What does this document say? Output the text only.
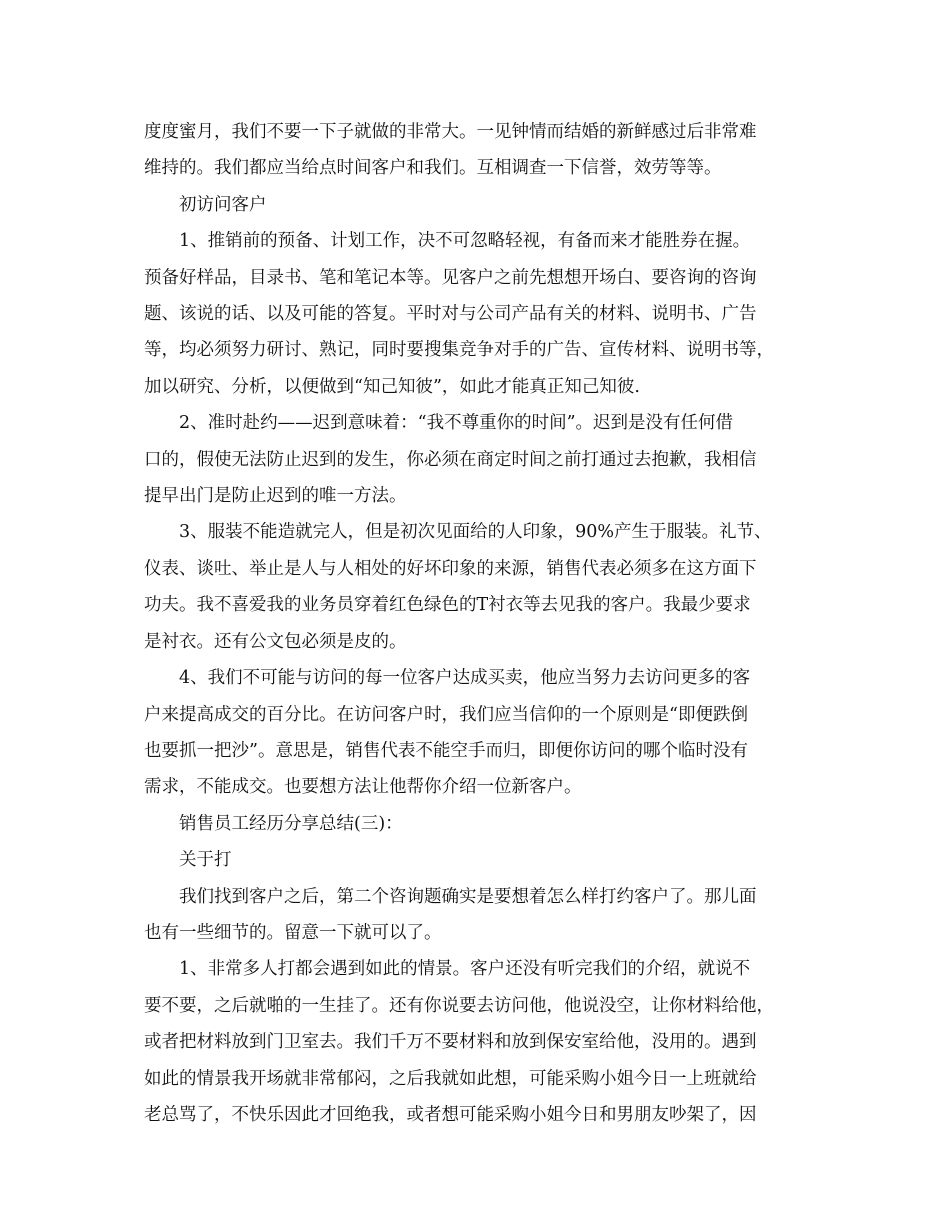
度度蜜月，我们不要一下子就做的非常大。一见钟情而结婚的新鲜感过后非常难
维持的。我们都应当给点时间客户和我们。互相调查一下信誉，效劳等等。
初访问客户
1、推销前的预备、计划工作，决不可忽略轻视，有备而来才能胜券在握。
预备好样品，目录书、笔和笔记本等。见客户之前先想想开场白、要咨询的咨询
题、该说的话、以及可能的答复。平时对与公司产品有关的材料、说明书、广告
等，均必须努力研讨、熟记，同时要搜集竞争对手的广告、宣传材料、说明书等，
加以研究、分析，以便做到“知己知彼”，如此才能真正知己知彼.
2、准时赴约——迟到意味着：“我不尊重你的时间”。迟到是没有任何借
口的，假使无法防止迟到的发生，你必须在商定时间之前打通过去抱歉，我相信
提早出门是防止迟到的唯一方法。
3、服装不能造就完人，但是初次见面给的人印象，90%产生于服装。礼节、
仪表、谈吐、举止是人与人相处的好坏印象的来源，销售代表必须多在这方面下
功夫。我不喜爱我的业务员穿着红色绿色的T衬衣等去见我的客户。我最少要求
是衬衣。还有公文包必须是皮的。
4、我们不可能与访问的每一位客户达成买卖，他应当努力去访问更多的客
户来提高成交的百分比。在访问客户时，我们应当信仰的一个原则是“即便跌倒
也要抓一把沙”。意思是，销售代表不能空手而归，即便你访问的哪个临时没有
需求，不能成交。也要想方法让他帮你介绍一位新客户。
销售员工经历分享总结(三)：
关于打
我们找到客户之后，第二个咨询题确实是要想着怎么样打约客户了。那儿面
也有一些细节的。留意一下就可以了。
1、非常多人打都会遇到如此的情景。客户还没有听完我们的介绍，就说不
要不要，之后就啪的一生挂了。还有你说要去访问他，他说没空，让你材料给他，
或者把材料放到门卫室去。我们千万不要材料和放到保安室给他，没用的。遇到
如此的情景我开场就非常郁闷，之后我就如此想，可能采购小姐今日一上班就给
老总骂了，不快乐因此才回绝我，或者想可能采购小姐今日和男朋友吵架了，因
